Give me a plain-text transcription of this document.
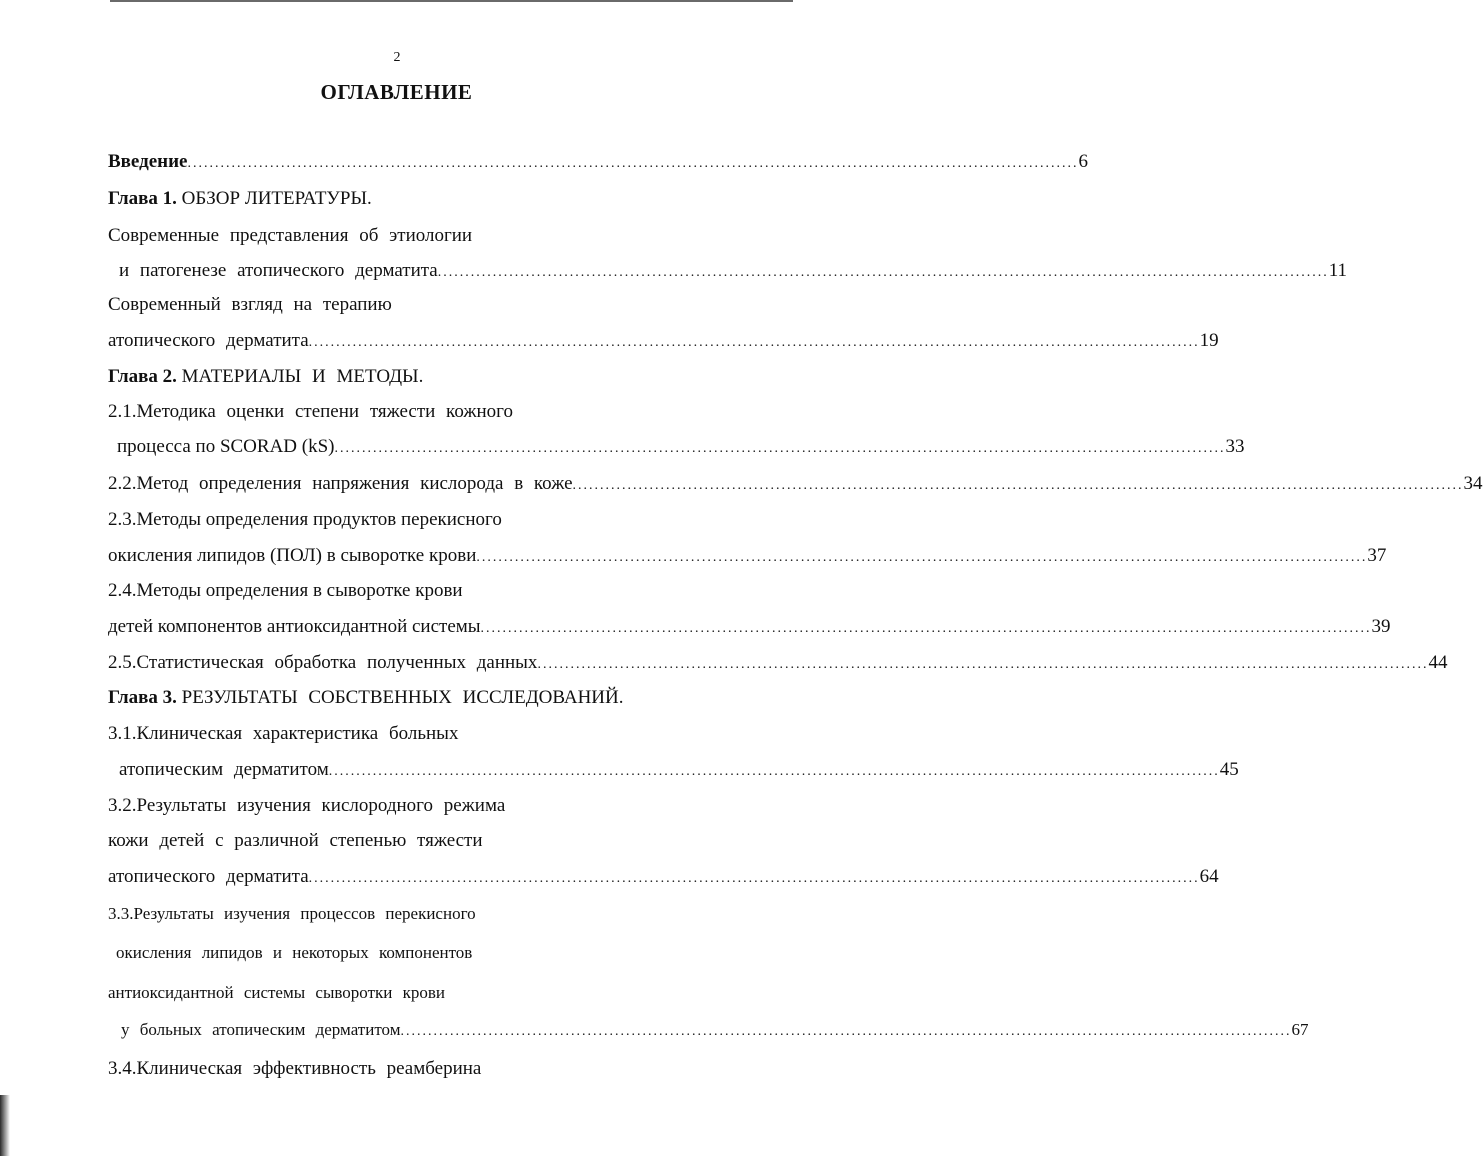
2
ОГЛАВЛЕНИЕ
Введение .................................................................................................................................................................. 6
Глава 1. ОБЗОР ЛИТЕРАТУРЫ.
Современные представления об этиологии
и патогенезе атопического дерматита .................................................................................................................................................................. 11
Современный взгляд на терапию
атопического дерматита .................................................................................................................................................................. 19
Глава 2. МАТЕРИАЛЫ И МЕТОДЫ.
2.1.Методика оценки степени тяжести кожного
процесса по SCORAD (kS) .................................................................................................................................................................. 33
2.2.Метод определения напряжения кислорода в коже .................................................................................................................................................................. 34
2.3.Методы определения продуктов перекисного
окисления липидов (ПОЛ) в сыворотке крови .................................................................................................................................................................. 37
2.4.Методы определения в сыворотке крови
детей компонентов антиоксидантной системы .................................................................................................................................................................. 39
2.5.Статистическая обработка полученных данных .................................................................................................................................................................. 44
Глава 3. РЕЗУЛЬТАТЫ СОБСТВЕННЫХ ИССЛЕДОВАНИЙ.
3.1.Клиническая характеристика больных
атопическим дерматитом .................................................................................................................................................................. 45
3.2.Результаты изучения кислородного режима
кожи детей с различной степенью тяжести
атопического дерматита .................................................................................................................................................................. 64
3.3.Результаты изучения процессов перекисного
окисления липидов и некоторых компонентов
антиоксидантной системы сыворотки крови
у больных атопическим дерматитом .................................................................................................................................................................. 67
3.4.Клиническая эффективность реамберина
